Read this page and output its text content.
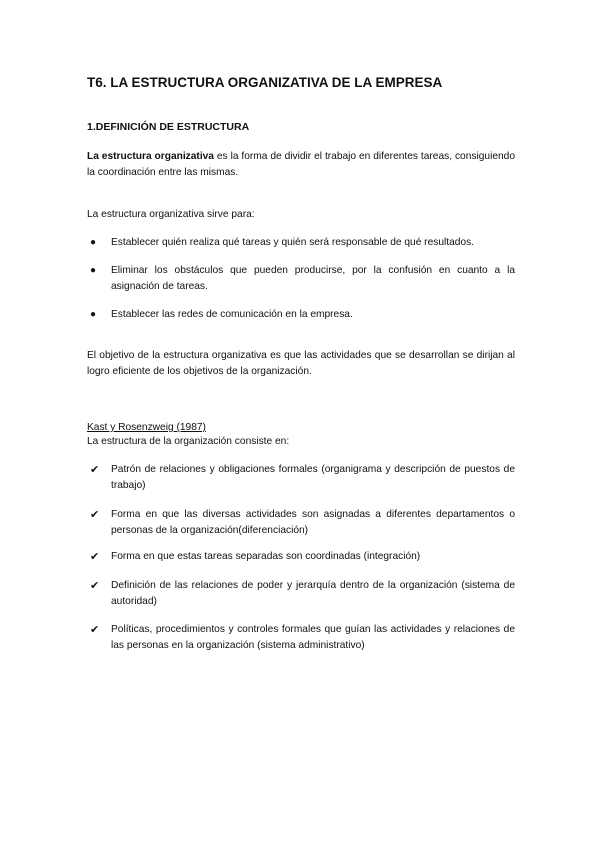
T6. LA ESTRUCTURA ORGANIZATIVA DE LA EMPRESA
1.DEFINICIÓN DE ESTRUCTURA
La estructura organizativa es la forma de dividir el trabajo en diferentes tareas, consiguiendo la coordinación entre las mismas.
La estructura organizativa sirve para:
● Establecer quién realiza qué tareas y quién será responsable de qué resultados.
● Eliminar los obstáculos que pueden producirse, por la confusión en cuanto a la asignación de tareas.
● Establecer las redes de comunicación en la empresa.
El objetivo de la estructura organizativa es que las actividades que se desarrollan se dirijan al logro eficiente de los objetivos de la organización.
Kast y Rosenzweig (1987)
La estructura de la organización consiste en:
✔ Patrón de relaciones y obligaciones formales (organigrama y descripción de puestos de trabajo)
✔ Forma en que las diversas actividades son asignadas a diferentes departamentos o personas de la organización(diferenciación)
✔ Forma en que estas tareas separadas son coordinadas (integración)
✔ Definición de las relaciones de poder y jerarquía dentro de la organización (sistema de autoridad)
✔ Políticas, procedimientos y controles formales que guían las actividades y relaciones de las personas en la organización (sistema administrativo)
